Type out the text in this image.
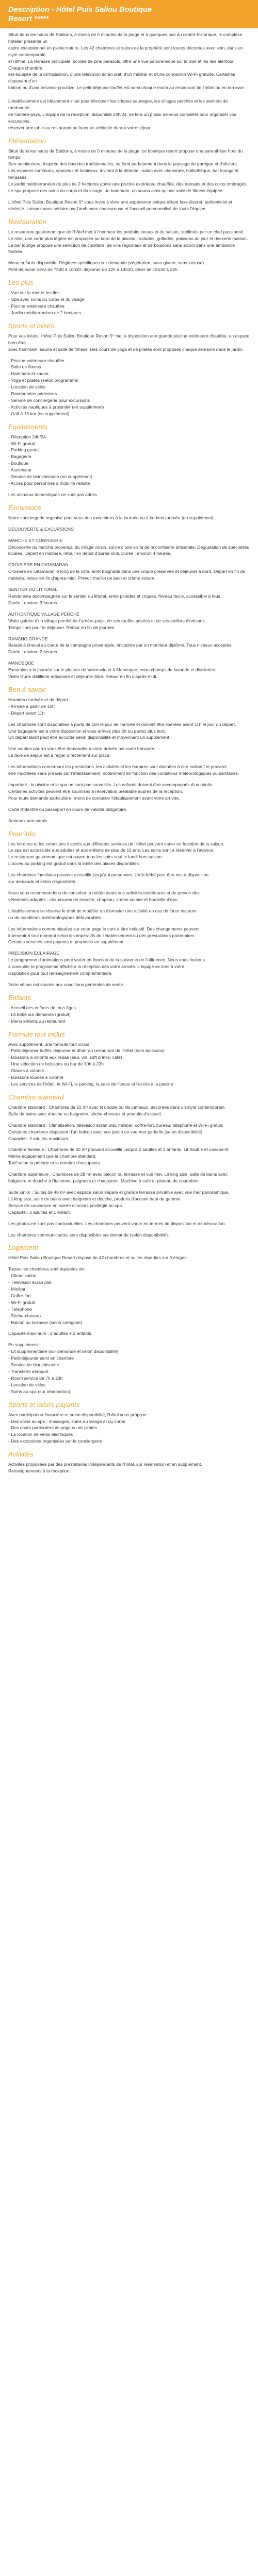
Description - Hôtel Puis Saliou Boutique
Resort *****
Situé dans les hauts de Baldoria, à moins de 5 minutes de la plage et à quelques pas du centre-historique, le complexe hôtelier présente un
cadre exceptionnel en pleine nature. Les 42 chambres et suites de la propriété sont toutes décorées avec soin, dans un style contemporain
et raffiné. La terrasse principale, bordée de pins parasols, offre une vue panoramique sur la mer et les îles alentour. Chaque chambre
est équipée de la climatisation, d'une télévision écran plat, d'un minibar et d'une connexion Wi-Fi gratuite. Certaines disposent d'un
balcon ou d'une terrasse privative. Le petit-déjeuner buffet est servi chaque matin au restaurant de l'hôtel ou en terrasse.
L'établissement est idéalement situé pour découvrir les criques sauvages, les villages perchés et les sentiers de randonnée
de l'arrière-pays. L'équipe de la réception, disponible 24h/24, se fera un plaisir de vous conseiller pour organiser vos excursions,
réserver une table au restaurant ou louer un véhicule durant votre séjour.
Présentation

Situé dans les hauts de Baldoria, à moins de 5 minutes de la plage, ce boutique resort propose une parenthèse hors du temps.
Son architecture, inspirée des bastides traditionnelles, se fond parfaitement dans le paysage de garrigue et d'oliviers.
Les espaces communs, spacieux et lumineux, invitent à la détente : salon avec cheminée, bibliothèque, bar lounge et terrasses.
Le jardin méditerranéen de plus de 2 hectares abrite une piscine extérieure chauffée, des transats et des coins ombragés.
Le spa propose des soins du corps et du visage, un hammam, un sauna ainsi qu'une salle de fitness équipée.

L'hôtel Puis Saliou Boutique Resort 5* vous invite à vivre une expérience unique alliant luxe discret, authenticité et
sérénité. Laissez-vous séduire par l'ambiance chaleureuse et l'accueil personnalisé de toute l'équipe.

Restauration

Le restaurant gastronomique de l'hôtel met à l'honneur les produits locaux et de saison, sublimés par un chef passionné.
Le midi, une carte plus légère est proposée au bord de la piscine : salades, grillades, poissons du jour et desserts maison.
Le bar lounge propose une sélection de cocktails, de vins régionaux et de boissons sans alcool dans une ambiance feutrée.

Menu enfants disponible. Régimes spécifiques sur demande (végétarien, sans gluten, sans lactose).
Petit-déjeuner servi de 7h30 à 10h30, déjeuner de 12h à 14h30, dîner de 19h30 à 22h.

Les plus
- Vue sur la mer et les îles
- Spa avec soins du corps et du visage
- Piscine extérieure chauffée
- Jardin méditerranéen de 2 hectares
Sports et loisirs

Pour vos loisirs, l'hôtel Puis Saliou Boutique Resort 5* met à disposition une grande piscine extérieure chauffée, un espace bien-être
avec hammam, sauna et salle de fitness. Des cours de yoga et de pilates sont proposés chaque semaine dans le jardin.

- Piscine extérieure chauffée
- Salle de fitness
- Hammam et sauna
- Yoga et pilates (selon programme)
- Location de vélos
- Randonnées pédestres
- Service de conciergerie pour excursions
- Activités nautiques à proximité (en supplément)
- Golf à 15 km (en supplément)
Équipements
- Réception 24h/24
- Wi-Fi gratuit
- Parking gratuit
- Bagagerie
- Boutique
- Ascenseur
- Service de blanchisserie (en supplément)
- Accès pour personnes à mobilité réduite

Les animaux domestiques ne sont pas admis.

Excursions

Notre conciergerie organise pour vous des excursions à la journée ou à la demi-journée (en supplément).

DÉCOUVERTE & EXCURSIONS

MARCHÉ ET CONFISERIE

Découverte du marché provençal du village voisin, suivie d'une visite de la confiserie artisanale. Dégustation de spécialités
locales. Départ en matinée, retour en début d'après-midi. Durée : environ 4 heures.

CROISIÈRE EN CATAMARAN

Croisière en catamaran le long de la côte, arrêt baignade dans une crique préservée et déjeuner à bord. Départ en fin de
matinée, retour en fin d'après-midi. Prévoir maillot de bain et crème solaire.

SENTIER DU LITTORAL

Randonnée accompagnée sur le sentier du littoral, entre pinèdes et criques. Niveau facile, accessible à tous.
Durée : environ 3 heures.

AUTHENTIQUE VILLAGE PERCHÉ

Visite guidée d'un village perché de l'arrière-pays, de ses ruelles pavées et de ses ateliers d'artisans.
Temps libre pour le déjeuner. Retour en fin de journée.

RANCHO GRANDE

Balade à cheval au coeur de la campagne provençale, encadrée par un moniteur diplômé. Tous niveaux acceptés.
Durée : environ 2 heures.

MANOSQUE

Excursion à la journée sur le plateau de Valensole et à Manosque, entre champs de lavande et distilleries.
Visite d'une distillerie artisanale et déjeuner libre. Retour en fin d'après-midi.

Bon à savoir

Horaires d'arrivée et de départ :
- Arrivée à partir de 15h
- Départ avant 11h

Les chambres sont disponibles à partir de 15h le jour de l'arrivée et doivent être libérées avant 11h le jour du départ.
Une bagagerie est à votre disposition si vous arrivez plus tôt ou partez plus tard.
Un départ tardif peut être accordé selon disponibilité et moyennant un supplément.

Une caution pourra vous être demandée à votre arrivée par carte bancaire.
La taxe de séjour est à régler directement sur place.

Les informations concernant les prestations, les activités et les horaires sont données à titre indicatif et peuvent
être modifiées sans préavis par l'établissement, notamment en fonction des conditions météorologiques ou sanitaires.

Important : la piscine et le spa ne sont pas surveillés. Les enfants doivent être accompagnés d'un adulte.
Certaines activités peuvent être soumises à réservation préalable auprès de la réception.
Pour toute demande particulière, merci de contacter l'établissement avant votre arrivée.

Carte d'identité ou passeport en cours de validité obligatoire.

Animaux non admis.

Pour info

Les horaires et les conditions d'accès aux différents services de l'hôtel peuvent varier en fonction de la saison.
Le spa est accessible aux adultes et aux enfants de plus de 16 ans. Les soins sont à réserver à l'avance.
Le restaurant gastronomique est ouvert tous les soirs sauf le lundi hors saison.
L'accès au parking est gratuit dans la limite des places disponibles.

Les chambres familiales peuvent accueillir jusqu'à 4 personnes. Un lit bébé peut être mis à disposition
sur demande et selon disponibilité.

Nous vous recommandons de consulter la météo avant vos activités extérieures et de prévoir des
vêtements adaptés : chaussures de marche, chapeau, crème solaire et bouteille d'eau.

L'établissement se réserve le droit de modifier ou d'annuler une activité en cas de force majeure
ou de conditions météorologiques défavorables.

Les informations communiquées sur cette page le sont à titre indicatif. Des changements peuvent
intervenir à tout moment selon les impératifs de l'établissement ou des prestataires partenaires.
Certains services sont payants et proposés en supplément.

PRÉCISION ÉCLAIRAGE :
Le programme d'animations peut varier en fonction de la saison et de l'affluence. Nous vous invitons
à consulter le programme affiché à la réception dès votre arrivée. L'équipe se tient à votre
disposition pour tout renseignement complémentaire.

Votre séjour est soumis aux conditions générales de vente.

Enfants
- Accueil des enfants de tous âges
- Lit bébé sur demande (gratuit)
- Menu enfants au restaurant
Formule tout inclus

Avec supplément, une formule tout inclus :
- Petit-déjeuner buffet, déjeuner et dîner au restaurant de l'hôtel (hors boissons)
- Boissons à volonté aux repas (eau, vin, soft drinks, café)
- Une sélection de boissons au bar de 10h à 23h
- Glaces à volonté
- Boissons locales à volonté
- Les services de l'hôtel, le Wi-Fi, le parking, la salle de fitness et l'accès à la piscine

Chambre standard

Chambre standard : Chambres de 22 m² avec lit double ou lits jumeaux, décorées dans un style contemporain.
Salle de bains avec douche ou baignoire, sèche-cheveux et produits d'accueil.

Chambre standard : Climatisation, télévision écran plat, minibar, coffre-fort, bureau, téléphone et Wi-Fi gratuit.
Certaines chambres disposent d'un balcon avec vue jardin ou vue mer partielle (selon disponibilité).
Capacité : 2 adultes maximum.

Chambre familiale : Chambres de 30 m² pouvant accueillir jusqu'à 2 adultes et 2 enfants. Lit double et canapé-lit.
Même équipement que la chambre standard.
Tarif selon la période et le nombre d'occupants.

Chambre supérieure : Chambres de 28 m² avec balcon ou terrasse et vue mer. Lit king size, salle de bains avec
baignoire et douche à l'italienne, peignoirs et chaussons. Machine à café et plateau de courtoisie.

Suite junior : Suites de 40 m² avec espace salon séparé et grande terrasse privative avec vue mer panoramique.
Lit king size, salle de bains avec baignoire et douche, produits d'accueil haut de gamme.
Service de couverture en soirée et accès privilégié au spa.
Capacité : 2 adultes et 1 enfant.

Les photos ne sont pas contractuelles. Les chambres peuvent varier en termes de disposition et de décoration.

Les chambres communicantes sont disponibles sur demande (selon disponibilité).

Logement

Hôtel Puis Saliou Boutique Resort dispose de 42 chambres et suites réparties sur 3 étages.

Toutes les chambres sont équipées de :
- Climatisation
- Télévision écran plat
- Minibar
- Coffre-fort
- Wi-Fi gratuit
- Téléphone
- Sèche-cheveux
- Balcon ou terrasse (selon catégorie)

Capacité maximum : 2 adultes + 2 enfants.

En supplément :
- Lit supplémentaire (sur demande et selon disponibilité)
- Petit-déjeuner servi en chambre
- Service de blanchisserie
- Transferts aéroport
- Room service de 7h à 23h
- Location de vélos
- Soins au spa (sur réservation)

Sports et loisirs payants

Avec participation financière et selon disponibilité, l'hôtel vous propose :
- Des soins au spa : massages, soins du visage et du corps
- Des cours particuliers de yoga ou de pilates
- La location de vélos électriques
- Des excursions organisées par la conciergerie

Activités

Activités proposées par des prestataires indépendants de l'hôtel, sur réservation et en supplément.
Renseignements à la réception.
